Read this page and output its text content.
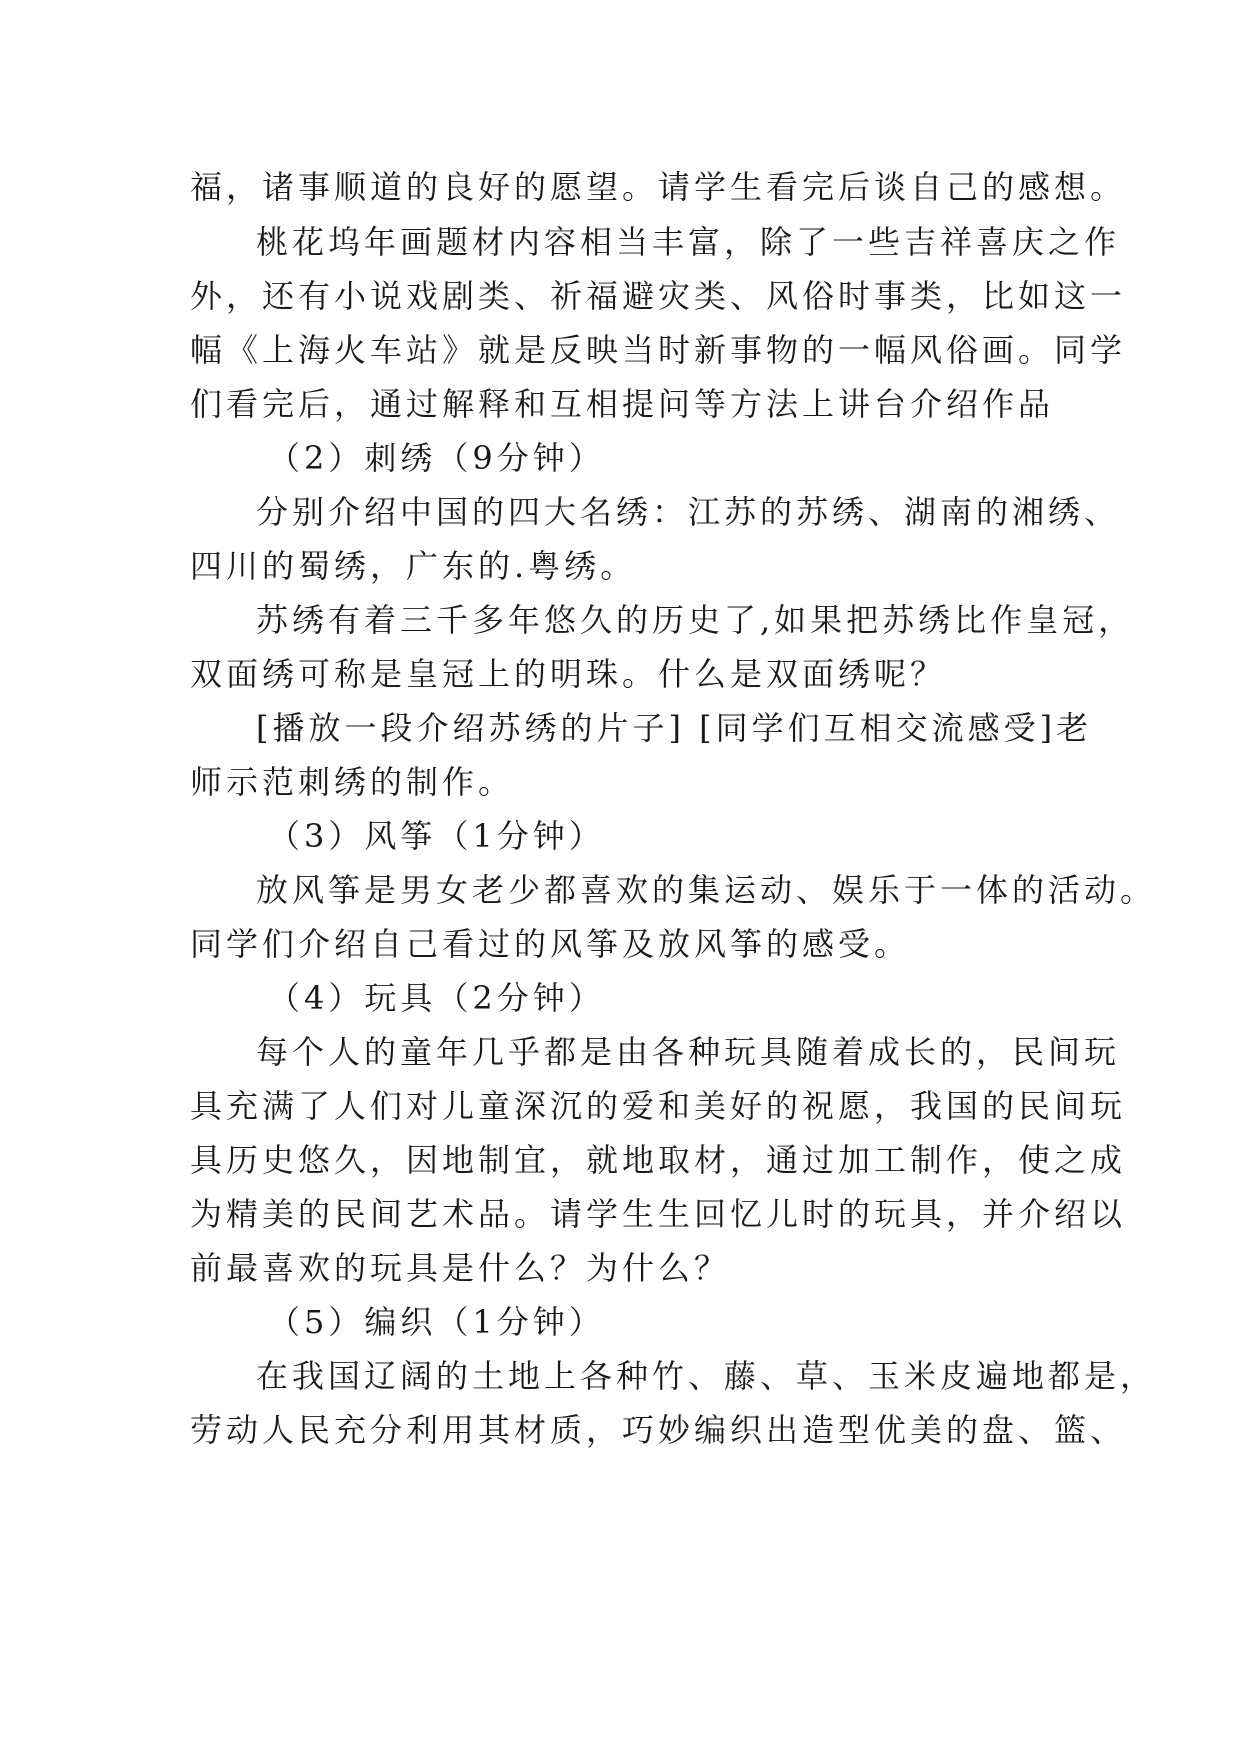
福，诸事顺道的良好的愿望。请学生看完后谈自己的感想。
桃花坞年画题材内容相当丰富，除了一些吉祥喜庆之作
外，还有小说戏剧类、祈福避灾类、风俗时事类，比如这一
幅《上海火车站》就是反映当时新事物的一幅风俗画。同学
们看完后，通过解释和互相提问等方法上讲台介绍作品
（2）刺绣（9分钟）
分别介绍中国的四大名绣：江苏的苏绣、湖南的湘绣、
四川的蜀绣，广东的.粤绣。
苏绣有着三千多年悠久的历史了,如果把苏绣比作皇冠，
双面绣可称是皇冠上的明珠。什么是双面绣呢？
[播放一段介绍苏绣的片子] [同学们互相交流感受]老
师示范刺绣的制作。
（3）风筝（1分钟）
放风筝是男女老少都喜欢的集运动、娱乐于一体的活动。
同学们介绍自己看过的风筝及放风筝的感受。
（4）玩具（2分钟）
每个人的童年几乎都是由各种玩具随着成长的，民间玩
具充满了人们对儿童深沉的爱和美好的祝愿，我国的民间玩
具历史悠久，因地制宜，就地取材，通过加工制作，使之成
为精美的民间艺术品。请学生生回忆儿时的玩具，并介绍以
前最喜欢的玩具是什么？为什么？
（5）编织（1分钟）
在我国辽阔的土地上各种竹、藤、草、玉米皮遍地都是，
劳动人民充分利用其材质，巧妙编织出造型优美的盘、篮、
